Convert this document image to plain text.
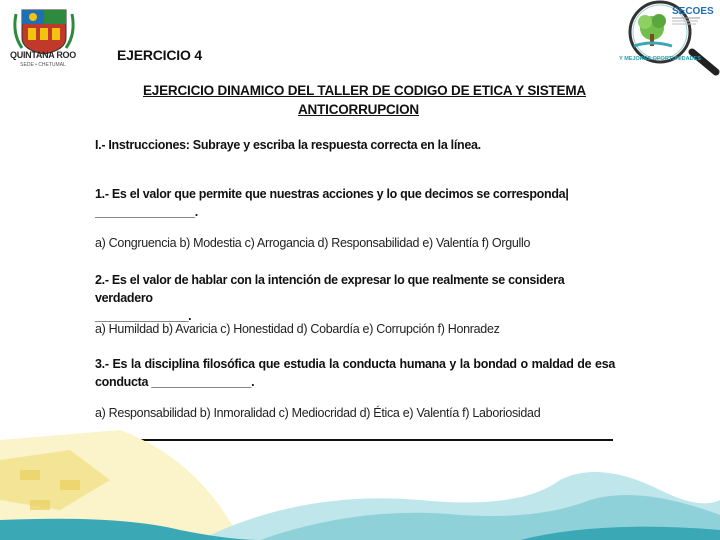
QUINTANA ROO
SEDE • CHETUMAL
SECOES
Y MEJORES OPORTUNIDADES
EJERCICIO 4
EJERCICIO DINAMICO DEL TALLER DE CODIGO DE ETICA Y SISTEMA
ANTICORRUPCION
I.- Instrucciones: Subraye y escriba la respuesta correcta en la línea.
1.- Es el valor que permite que nuestras acciones y lo que decimos se corresponda|
_______________.
a) Congruencia b) Modestia c) Arrogancia d) Responsabilidad e) Valentía f) Orgullo
2.- Es el valor de hablar con la intención de expresar lo que realmente se considera verdadero
______________.
a) Humildad b) Avaricia c) Honestidad d) Cobardía e) Corrupción f) Honradez
3.- Es la disciplina filosófica que estudia la conducta humana y la bondad o maldad de esa conducta _______________.
a) Responsabilidad b) Inmoralidad c) Mediocridad d) Ética e) Valentía f) Laboriosidad
